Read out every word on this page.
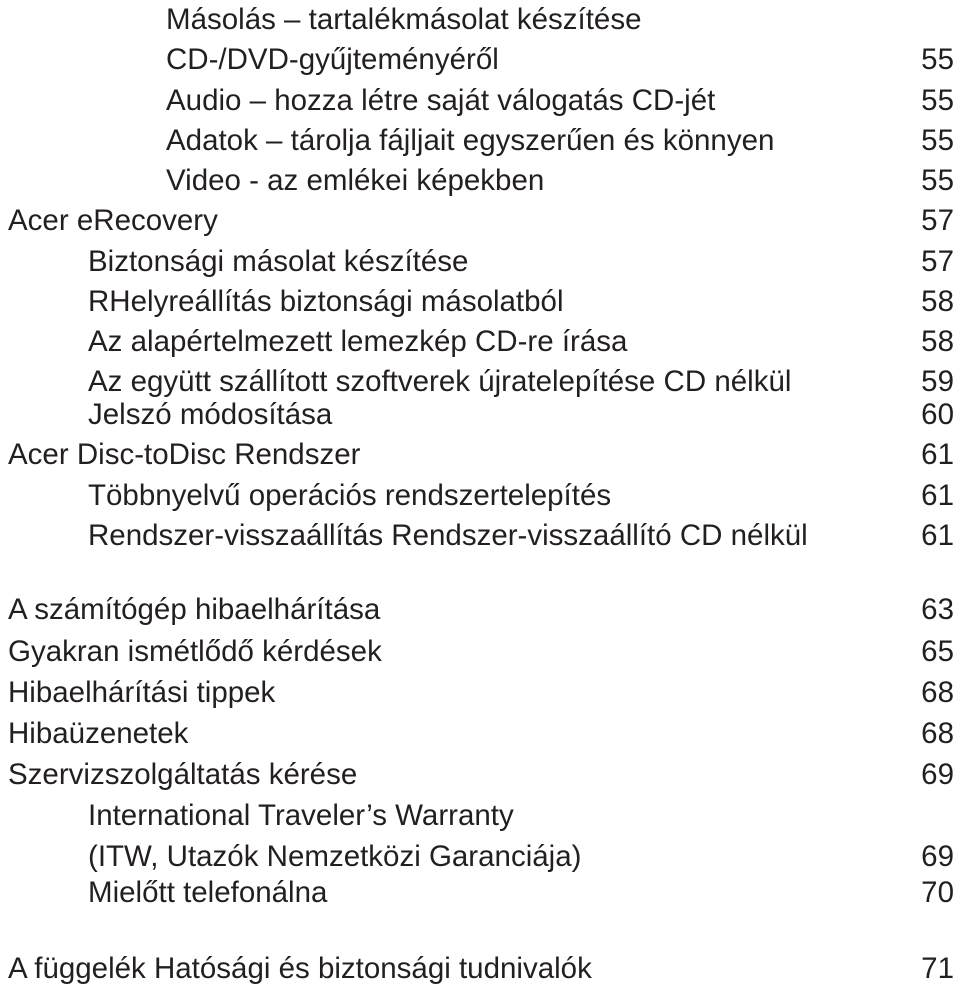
Másolás – tartalékmásolat készítése
CD-/DVD-gyűjteményéről	55
Audio – hozza létre saját válogatás CD-jét	55
Adatok – tárolja fájljait egyszerűen és könnyen	55
Video - az emlékei képekben	55
Acer eRecovery	57
Biztonsági másolat készítése	57
RHelyreállítás biztonsági másolatból	58
Az alapértelmezett lemezkép CD-re írása	58
Az együtt szállított szoftverek újratelepítése CD nélkül	59
Jelszó módosítása	60
Acer Disc-toDisc Rendszer	61
Többnyelvű operációs rendszertelepítés	61
Rendszer-visszaállítás Rendszer-visszaállító CD nélkül	61
A számítógép hibaelhárítása	63
Gyakran ismétlődő kérdések	65
Hibaelhárítási tippek	68
Hibaüzenetek	68
Szervizszolgáltatás kérése	69
International Traveler’s Warranty
(ITW, Utazók Nemzetközi Garanciája)	69
Mielőtt telefonálna	70
A függelék Hatósági és biztonsági tudnivalók	71
